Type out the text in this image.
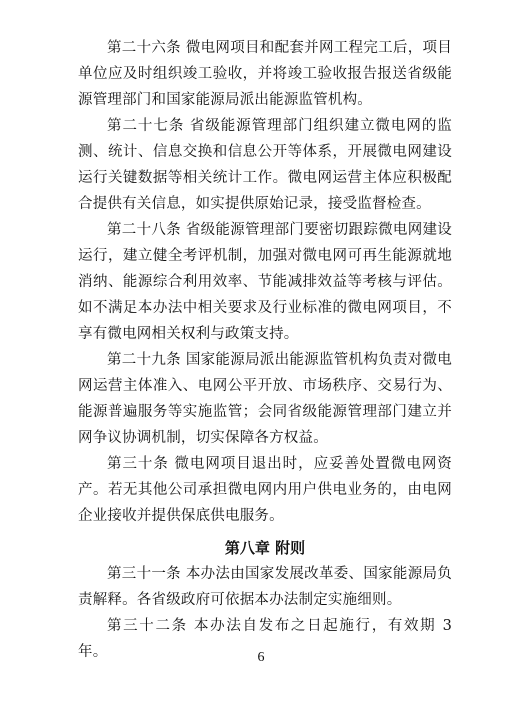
第二十六条 微电网项目和配套并网工程完工后，项目单位应及时组织竣工验收，并将竣工验收报告报送省级能源管理部门和国家能源局派出能源监管机构。

第二十七条 省级能源管理部门组织建立微电网的监测、统计、信息交换和信息公开等体系，开展微电网建设运行关键数据等相关统计工作。微电网运营主体应积极配合提供有关信息，如实提供原始记录，接受监督检查。

第二十八条 省级能源管理部门要密切跟踪微电网建设运行，建立健全考评机制，加强对微电网可再生能源就地消纳、能源综合利用效率、节能减排效益等考核与评估。如不满足本办法中相关要求及行业标准的微电网项目，不享有微电网相关权利与政策支持。

第二十九条 国家能源局派出能源监管机构负责对微电网运营主体准入、电网公平开放、市场秩序、交易行为、能源普遍服务等实施监管；会同省级能源管理部门建立并网争议协调机制，切实保障各方权益。

第三十条 微电网项目退出时，应妥善处置微电网资产。若无其他公司承担微电网内用户供电业务的，由电网企业接收并提供保底供电服务。

第八章 附则

第三十一条 本办法由国家发展改革委、国家能源局负责解释。各省级政府可依据本办法制定实施细则。

第三十二条 本办法自发布之日起施行，有效期 3 年。	6
